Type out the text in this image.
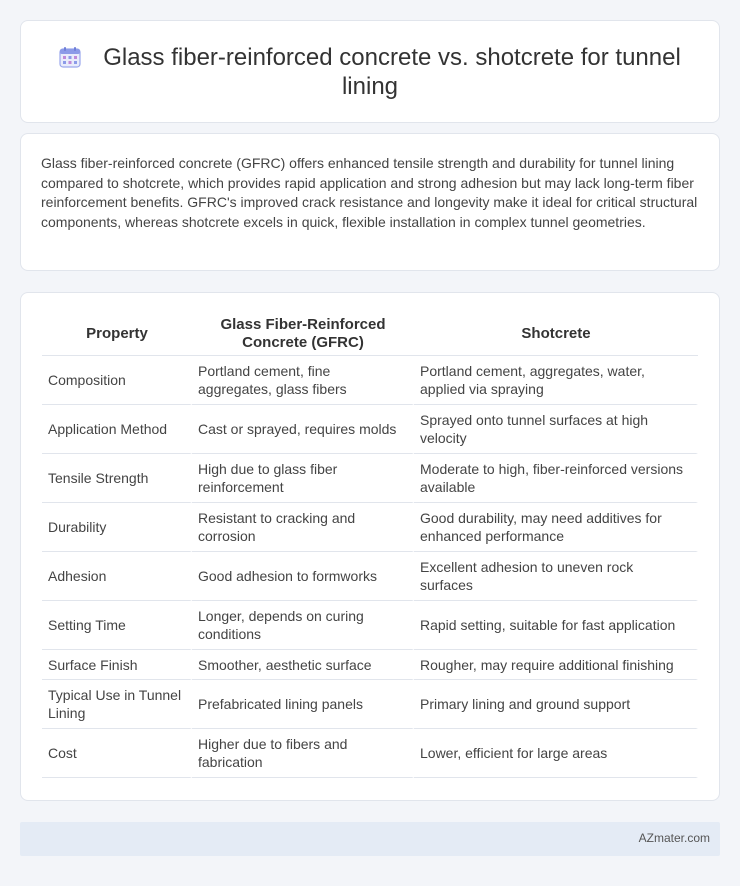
Glass fiber-reinforced concrete vs. shotcrete for tunnel lining

Glass fiber-reinforced concrete (GFRC) offers enhanced tensile strength and durability for tunnel lining compared to shotcrete, which provides rapid application and strong adhesion but may lack long-term fiber reinforcement benefits. GFRC's improved crack resistance and longevity make it ideal for critical structural components, whereas shotcrete excels in quick, flexible installation in complex tunnel geometries.

Property	Glass Fiber-Reinforced Concrete (GFRC)	Shotcrete
Composition	Portland cement, fine aggregates, glass fibers	Portland cement, aggregates, water, applied via spraying
Application Method	Cast or sprayed, requires molds	Sprayed onto tunnel surfaces at high velocity
Tensile Strength	High due to glass fiber reinforcement	Moderate to high, fiber-reinforced versions available
Durability	Resistant to cracking and corrosion	Good durability, may need additives for enhanced performance
Adhesion	Good adhesion to formworks	Excellent adhesion to uneven rock surfaces
Setting Time	Longer, depends on curing conditions	Rapid setting, suitable for fast application
Surface Finish	Smoother, aesthetic surface	Rougher, may require additional finishing
Typical Use in Tunnel Lining	Prefabricated lining panels	Primary lining and ground support
Cost	Higher due to fibers and fabrication	Lower, efficient for large areas
AZmater.com
